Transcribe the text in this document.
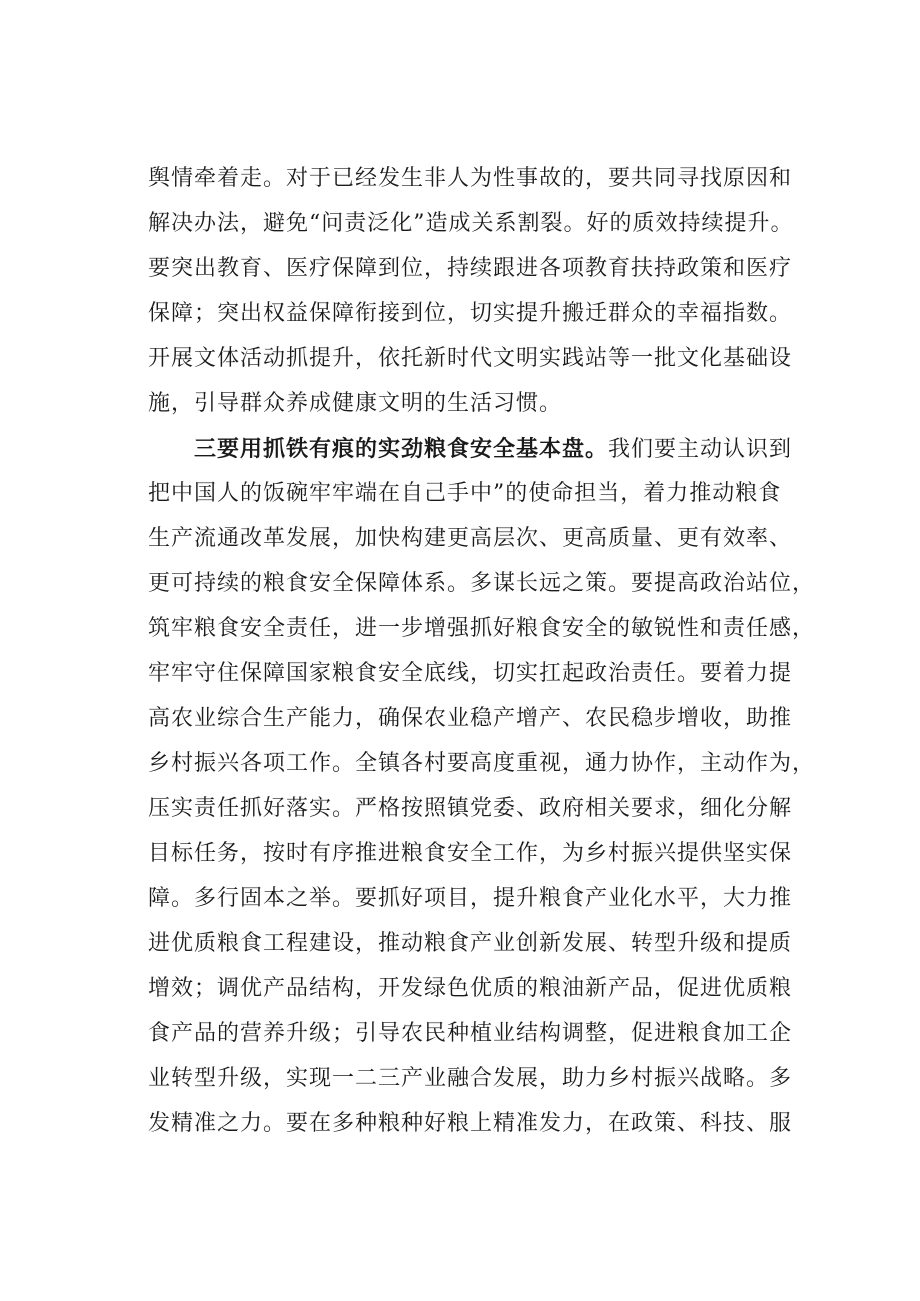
舆情牵着走。对于已经发生非人为性事故的，要共同寻找原因和
解决办法，避免“问责泛化”造成关系割裂。好的质效持续提升。
要突出教育、医疗保障到位，持续跟进各项教育扶持政策和医疗
保障；突出权益保障衔接到位，切实提升搬迁群众的幸福指数。
开展文体活动抓提升，依托新时代文明实践站等一批文化基础设
施，引导群众养成健康文明的生活习惯。
三要用抓铁有痕的实劲粮食安全基本盘。我们要主动认识到
把中国人的饭碗牢牢端在自己手中”的使命担当，着力推动粮食
生产流通改革发展，加快构建更高层次、更高质量、更有效率、
更可持续的粮食安全保障体系。多谋长远之策。要提高政治站位，
筑牢粮食安全责任，进一步增强抓好粮食安全的敏锐性和责任感，
牢牢守住保障国家粮食安全底线，切实扛起政治责任。要着力提
高农业综合生产能力，确保农业稳产增产、农民稳步增收，助推
乡村振兴各项工作。全镇各村要高度重视，通力协作，主动作为，
压实责任抓好落实。严格按照镇党委、政府相关要求，细化分解
目标任务，按时有序推进粮食安全工作，为乡村振兴提供坚实保
障。多行固本之举。要抓好项目，提升粮食产业化水平，大力推
进优质粮食工程建设，推动粮食产业创新发展、转型升级和提质
增效；调优产品结构，开发绿色优质的粮油新产品，促进优质粮
食产品的营养升级；引导农民种植业结构调整，促进粮食加工企
业转型升级，实现一二三产业融合发展，助力乡村振兴战略。多
发精准之力。要在多种粮种好粮上精准发力，在政策、科技、服
